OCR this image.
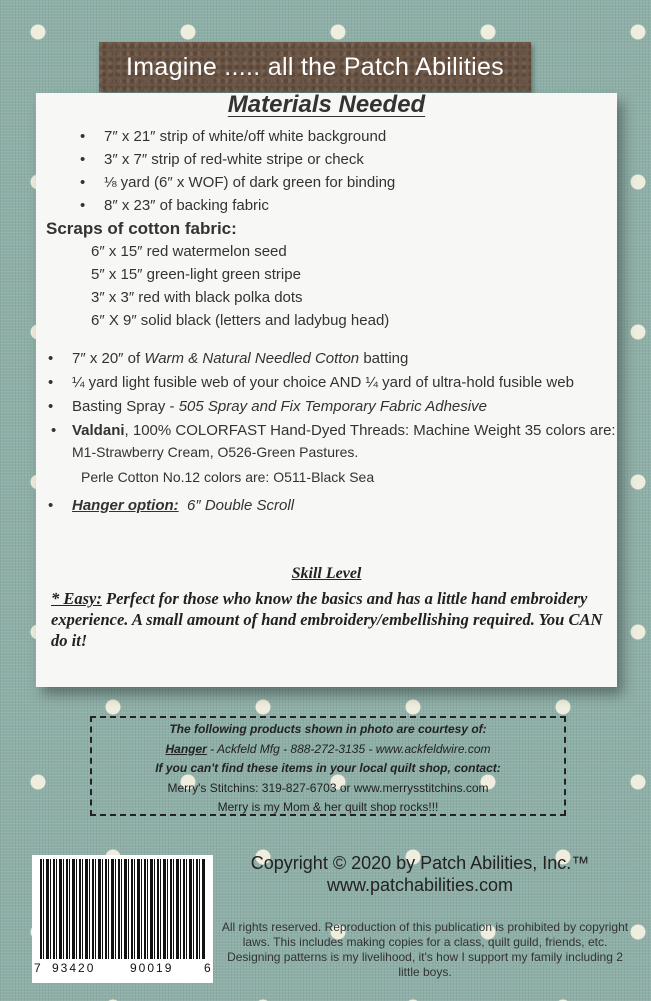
Imagine ..... all the Patch Abilities
Materials Needed

• 7″ x 21″ strip of white/off white background

• 3″ x 7″ strip of red-white stripe or check

• ⅛ yard (6″ x WOF) of dark green for binding

• 8″ x 23″ of backing fabric

Scraps of cotton fabric:

6″ x 15″ red watermelon seed

5″ x 15″ green-light green stripe

3″ x 3″ red with black polka dots

6″ X 9″ solid black (letters and ladybug head)

• 7″ x 20″ of Warm & Natural Needled Cotton batting

• ¼ yard light fusible web of your choice AND ¼ yard of ultra-hold fusible web

• Basting Spray - 505 Spray and Fix Temporary Fabric Adhesive

• Valdani, 100% COLORFAST Hand-Dyed Threads: Machine Weight 35 colors are:

M1-Strawberry Cream, O526-Green Pastures.

Perle Cotton No.12 colors are: O511-Black Sea

• Hanger option: 6″ Double Scroll

Skill Level

* Easy: Perfect for those who know the basics and has a little hand embroidery experience. A small amount of hand embroidery/embellishing required. You CAN do it!

The following products shown in photo are courtesy of:

Hanger - Ackfeld Mfg - 888-272-3135 - www.ackfeldwire.com

If you can't find these items in your local quilt shop, contact:

Merry's Stitchins: 319-827-6703 or www.merrysstitchins.com

Merry is my Mom & her quilt shop rocks!!!

7 93420	90019	6
Copyright © 2020 by Patch Abilities, Inc.™
www.patchabilities.com

All rights reserved. Reproduction of this publication is prohibited by copyright laws. This includes making copies for a class, quilt guild, friends, etc. Designing patterns is my livelihood, it's how I support my family including 2 little boys.
